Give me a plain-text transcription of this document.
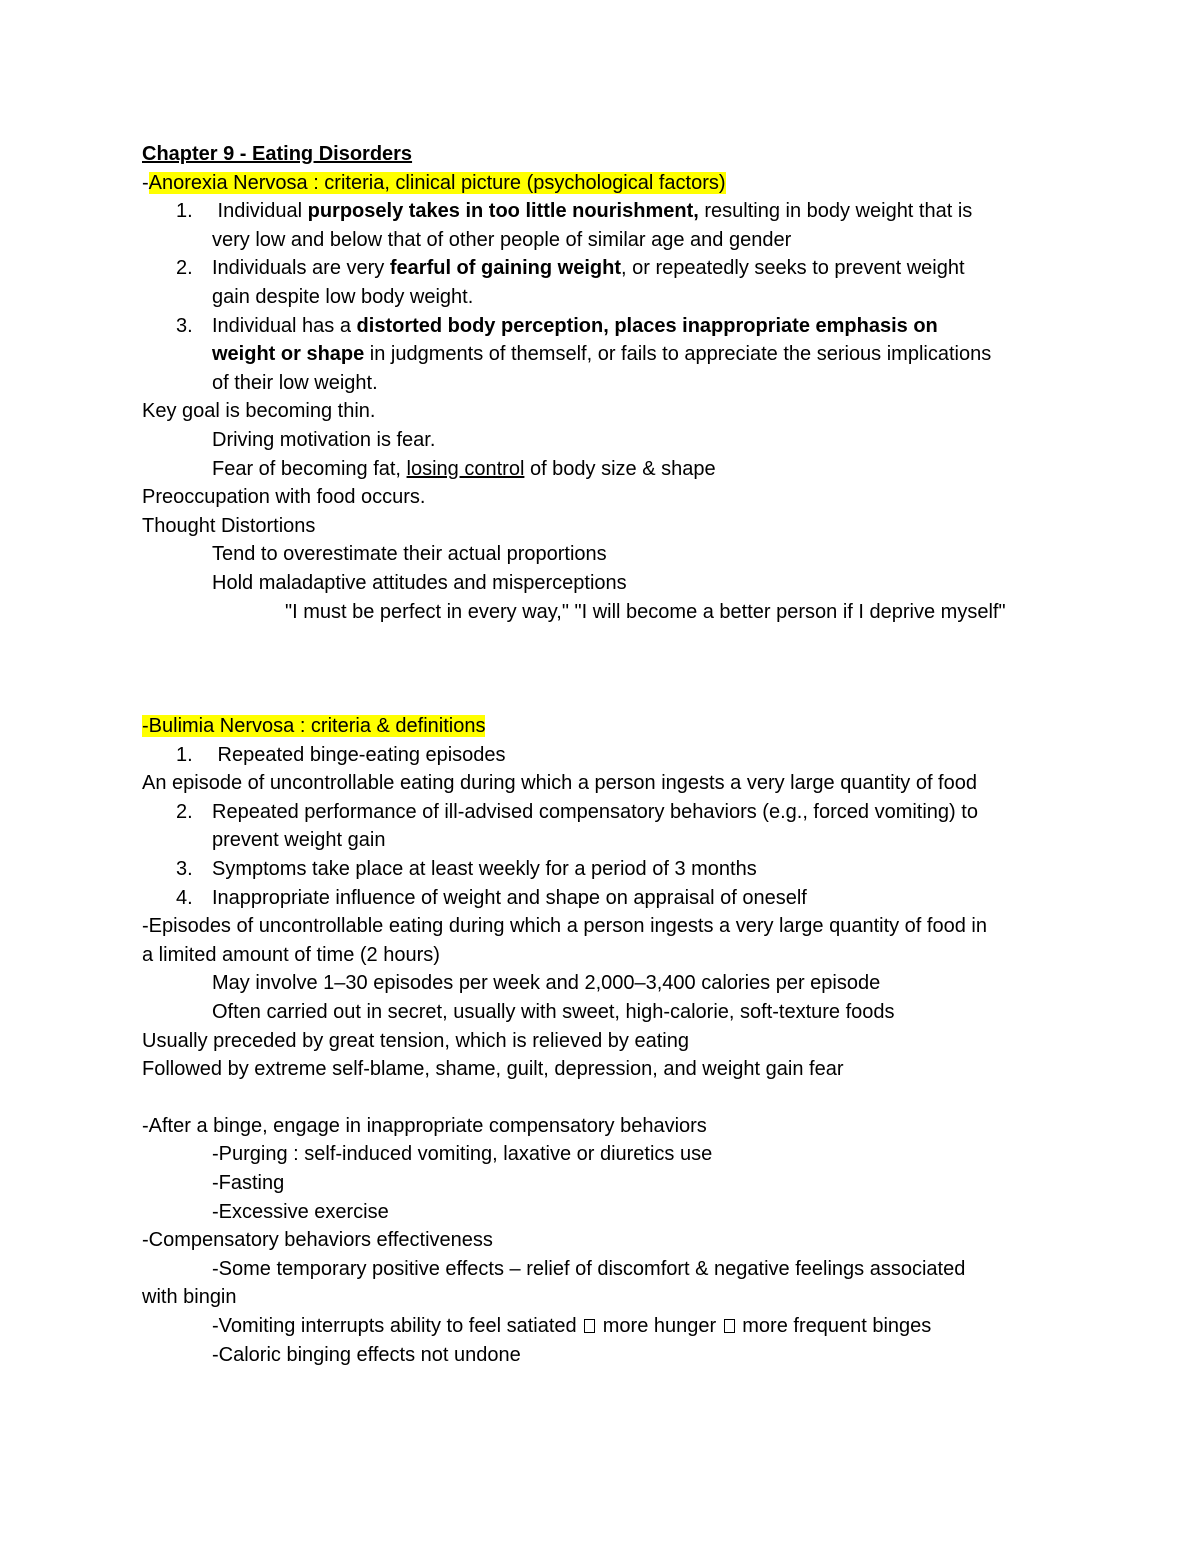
Chapter 9 - Eating Disorders
-Anorexia Nervosa : criteria, clinical picture (psychological factors)
1. Individual purposely takes in too little nourishment, resulting in body weight that is
very low and below that of other people of similar age and gender
2. Individuals are very fearful of gaining weight, or repeatedly seeks to prevent weight
gain despite low body weight.
3. Individual has a distorted body perception, places inappropriate emphasis on
weight or shape in judgments of themself, or fails to appreciate the serious implications
of their low weight.
Key goal is becoming thin.
Driving motivation is fear.
Fear of becoming fat, losing control of body size & shape
Preoccupation with food occurs.
Thought Distortions
Tend to overestimate their actual proportions
Hold maladaptive attitudes and misperceptions
"I must be perfect in every way," "I will become a better person if I deprive myself"
-Bulimia Nervosa : criteria & definitions
1. Repeated binge-eating episodes
An episode of uncontrollable eating during which a person ingests a very large quantity of food
2. Repeated performance of ill-advised compensatory behaviors (e.g., forced vomiting) to
prevent weight gain
3. Symptoms take place at least weekly for a period of 3 months
4. Inappropriate influence of weight and shape on appraisal of oneself
-Episodes of uncontrollable eating during which a person ingests a very large quantity of food in
a limited amount of time (2 hours)
May involve 1–30 episodes per week and 2,000–3,400 calories per episode
Often carried out in secret, usually with sweet, high-calorie, soft-texture foods
Usually preceded by great tension, which is relieved by eating
Followed by extreme self-blame, shame, guilt, depression, and weight gain fear
-After a binge, engage in inappropriate compensatory behaviors
-Purging : self-induced vomiting, laxative or diuretics use
-Fasting
-Excessive exercise
-Compensatory behaviors effectiveness
-Some temporary positive effects – relief of discomfort & negative feelings associated
with bingin
-Vomiting interrupts ability to feel satiated  more hunger  more frequent binges
-Caloric binging effects not undone
